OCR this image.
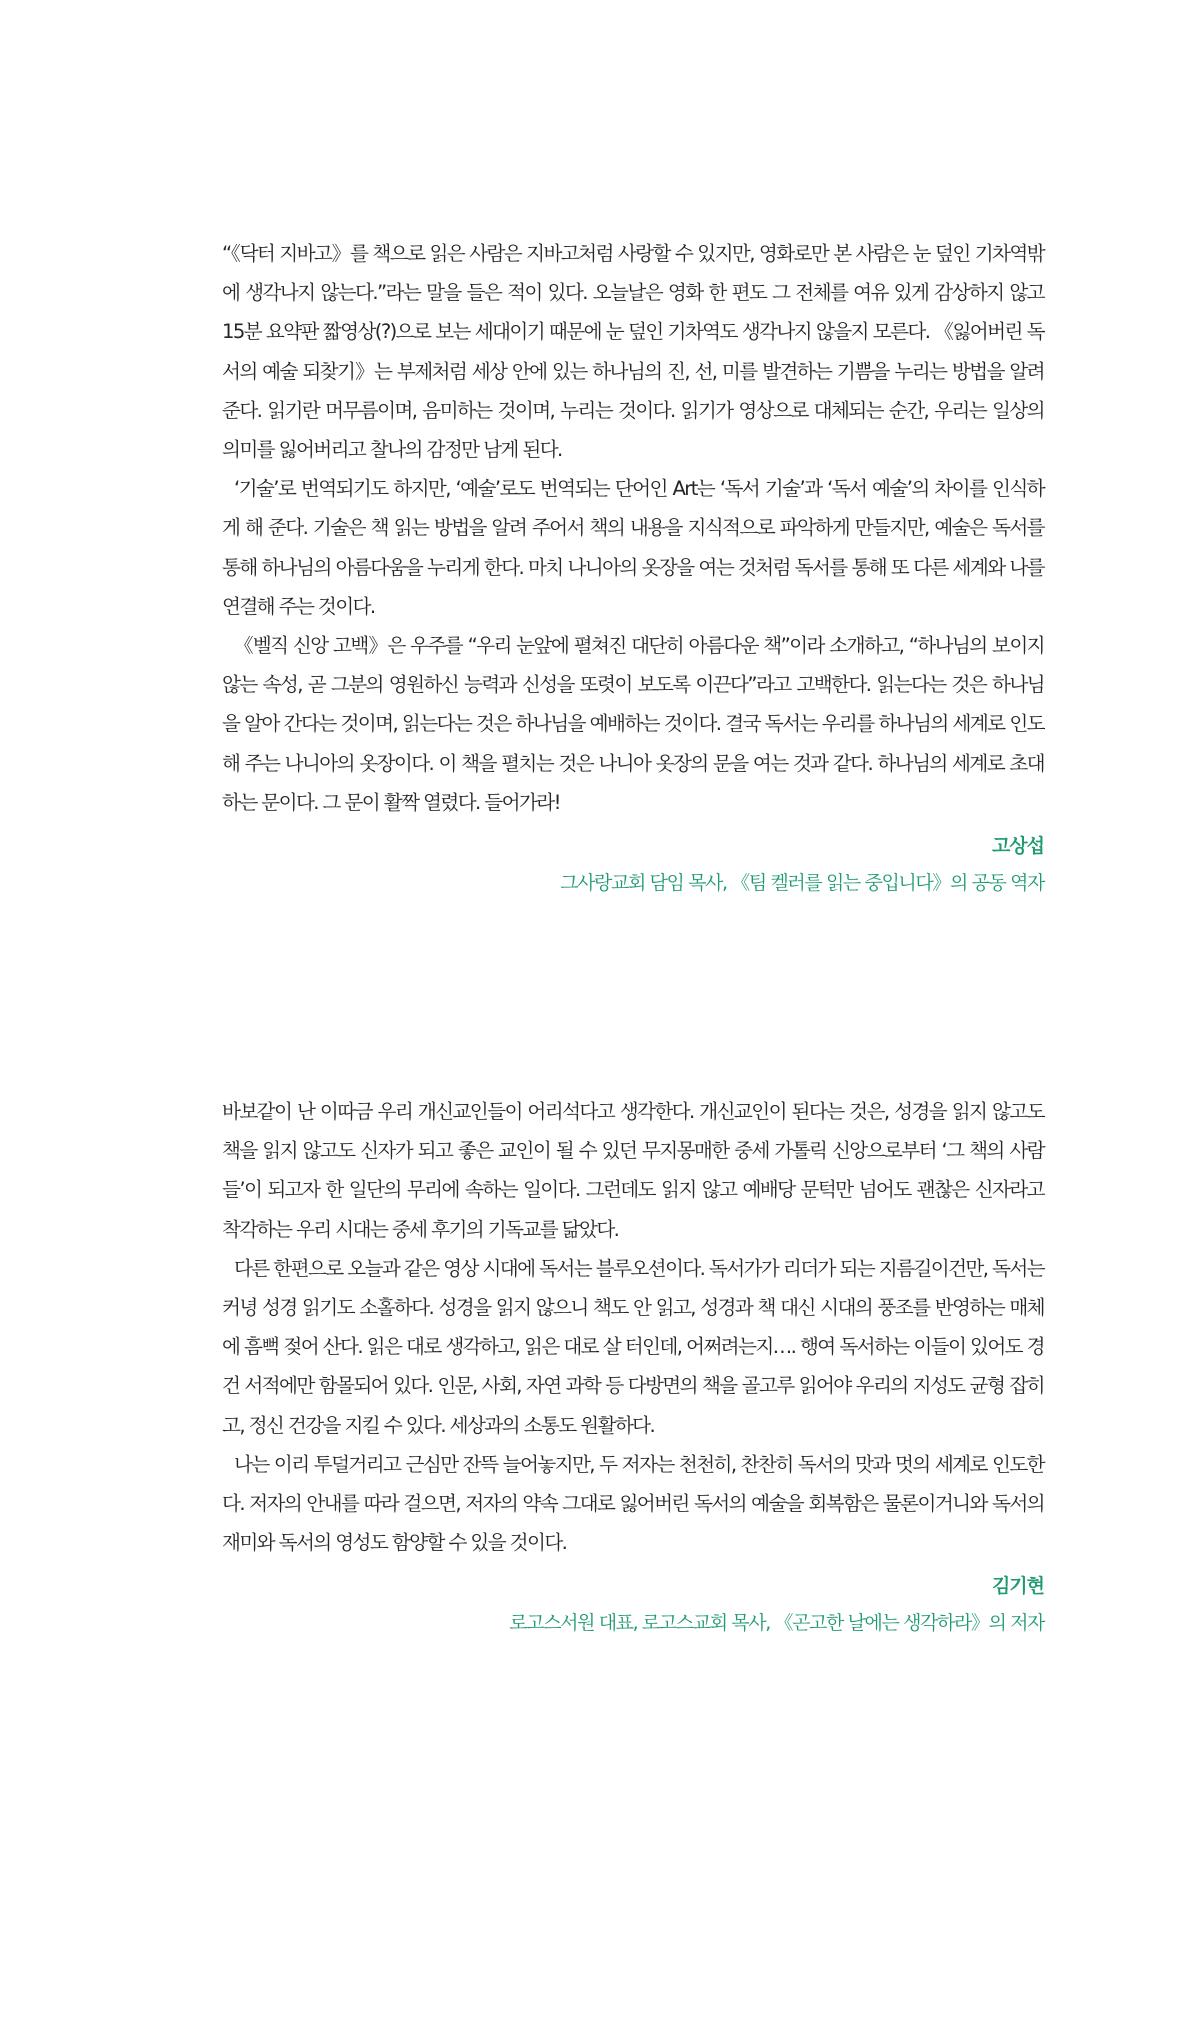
“《닥터 지바고》를 책으로 읽은 사람은 지바고처럼 사랑할 수 있지만, 영화로만 본 사람은 눈 덮인 기차역밖에 생각나지 않는다.”라는 말을 들은 적이 있다. 오늘날은 영화 한 편도 그 전체를 여유 있게 감상하지 않고 15분 요약판 짧영상(?)으로 보는 세대이기 때문에 눈 덮인 기차역도 생각나지 않을지 모른다. 《잃어버린 독서의 예술 되찾기》는 부제처럼 세상 안에 있는 하나님의 진, 선, 미를 발견하는 기쁨을 누리는 방법을 알려 준다. 읽기란 머무름이며, 음미하는 것이며, 누리는 것이다. 읽기가 영상으로 대체되는 순간, 우리는 일상의 의미를 잃어버리고 찰나의 감정만 남게 된다.

‘기술’로 번역되기도 하지만, ‘예술’로도 번역되는 단어인 Art는 ‘독서 기술’과 ‘독서 예술’의 차이를 인식하게 해 준다. 기술은 책 읽는 방법을 알려 주어서 책의 내용을 지식적으로 파악하게 만들지만, 예술은 독서를 통해 하나님의 아름다움을 누리게 한다. 마치 나니아의 옷장을 여는 것처럼 독서를 통해 또 다른 세계와 나를 연결해 주는 것이다.

《벨직 신앙 고백》은 우주를 “우리 눈앞에 펼쳐진 대단히 아름다운 책”이라 소개하고, “하나님의 보이지 않는 속성, 곧 그분의 영원하신 능력과 신성을 또렷이 보도록 이끈다”라고 고백한다. 읽는다는 것은 하나님을 알아 간다는 것이며, 읽는다는 것은 하나님을 예배하는 것이다. 결국 독서는 우리를 하나님의 세계로 인도해 주는 나니아의 옷장이다. 이 책을 펼치는 것은 나니아 옷장의 문을 여는 것과 같다. 하나님의 세계로 초대하는 문이다. 그 문이 활짝 열렸다. 들어가라!

고상섭
그사랑교회 담임 목사, 《팀 켈러를 읽는 중입니다》의 공동 역자

바보같이 난 이따금 우리 개신교인들이 어리석다고 생각한다. 개신교인이 된다는 것은, 성경을 읽지 않고도 책을 읽지 않고도 신자가 되고 좋은 교인이 될 수 있던 무지몽매한 중세 가톨릭 신앙으로부터 ‘그 책의 사람들’이 되고자 한 일단의 무리에 속하는 일이다. 그런데도 읽지 않고 예배당 문턱만 넘어도 괜찮은 신자라고 착각하는 우리 시대는 중세 후기의 기독교를 닮았다.

다른 한편으로 오늘과 같은 영상 시대에 독서는 블루오션이다. 독서가가 리더가 되는 지름길이건만, 독서는커녕 성경 읽기도 소홀하다. 성경을 읽지 않으니 책도 안 읽고, 성경과 책 대신 시대의 풍조를 반영하는 매체에 흠뻑 젖어 산다. 읽은 대로 생각하고, 읽은 대로 살 터인데, 어쩌려는지…. 행여 독서하는 이들이 있어도 경건 서적에만 함몰되어 있다. 인문, 사회, 자연 과학 등 다방면의 책을 골고루 읽어야 우리의 지성도 균형 잡히고, 정신 건강을 지킬 수 있다. 세상과의 소통도 원활하다.

나는 이리 투덜거리고 근심만 잔뜩 늘어놓지만, 두 저자는 천천히, 찬찬히 독서의 맛과 멋의 세계로 인도한다. 저자의 안내를 따라 걸으면, 저자의 약속 그대로 잃어버린 독서의 예술을 회복함은 물론이거니와 독서의 재미와 독서의 영성도 함양할 수 있을 것이다.

김기현
로고스서원 대표, 로고스교회 목사, 《곤고한 날에는 생각하라》의 저자
